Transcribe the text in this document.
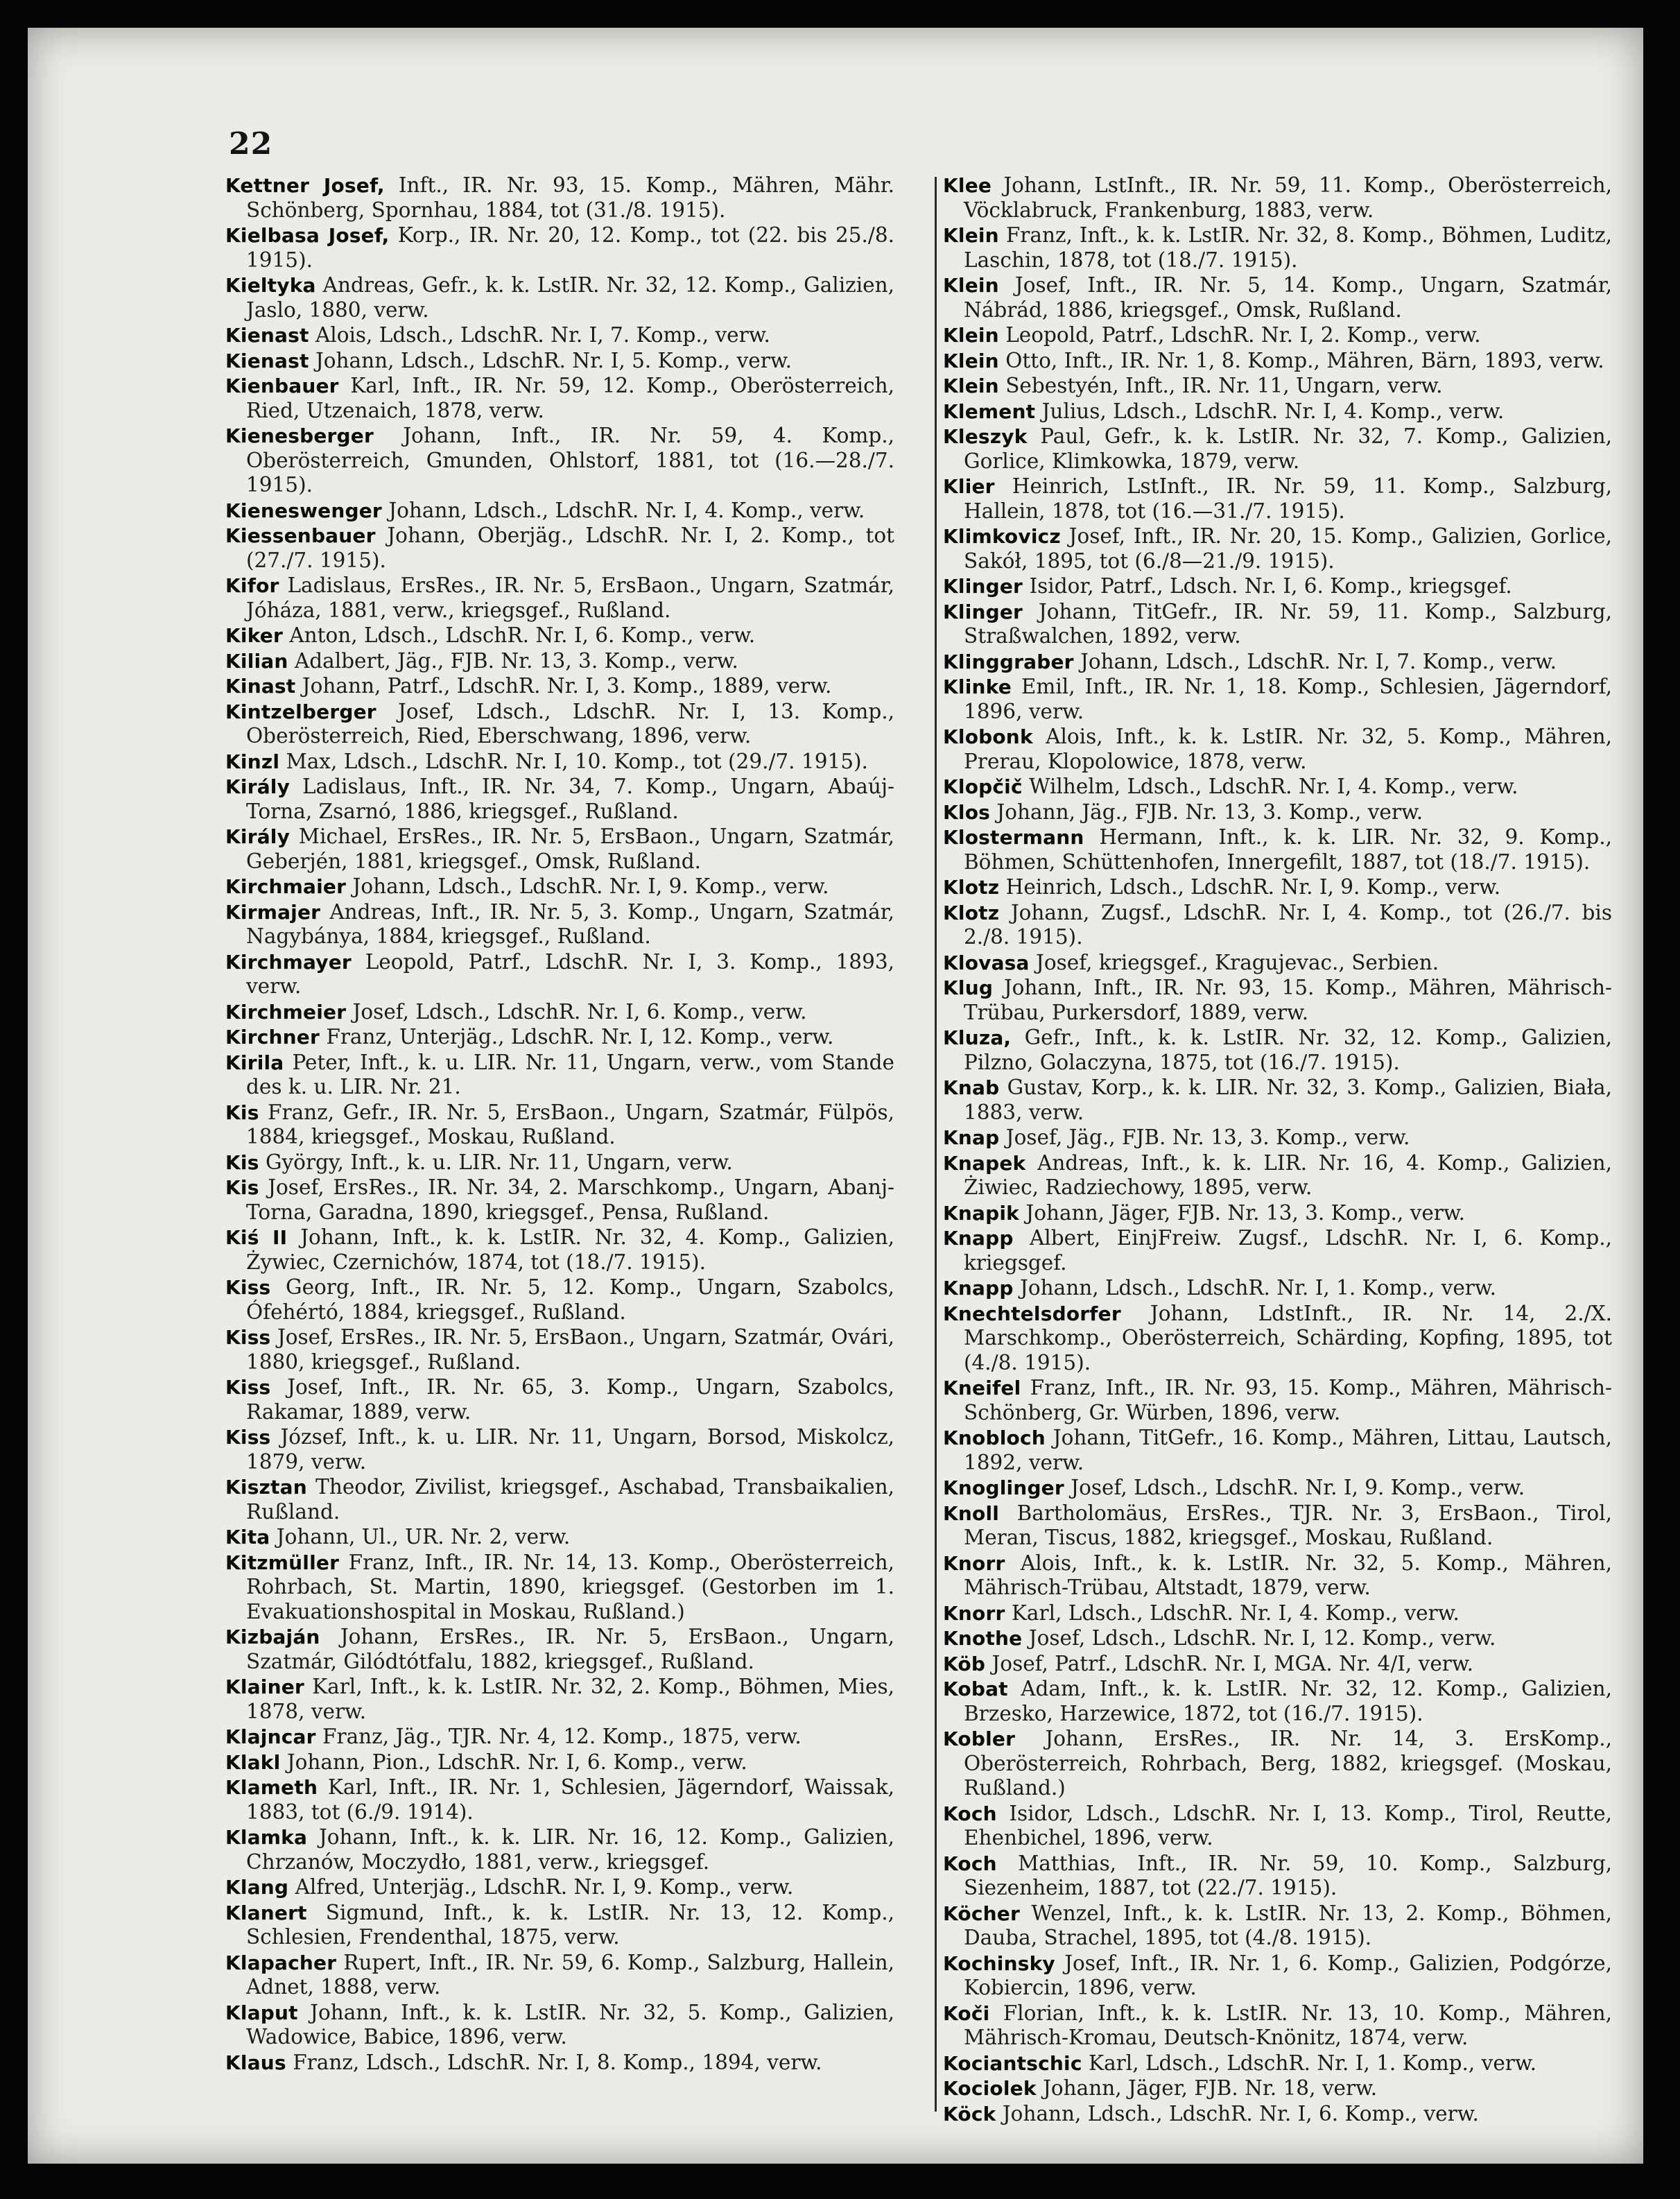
22
Kettner Josef, Inft., IR. Nr. 93, 15. Komp., Mähren, Mähr. Schönberg, Spornhau, 1884, tot (31./8. 1915).
Kielbasa Josef, Korp., IR. Nr. 20, 12. Komp., tot (22. bis 25./8. 1915).
Kieltyka Andreas, Gefr., k. k. LstIR. Nr. 32, 12. Komp., Galizien, Jaslo, 1880, verw.
Kienast Alois, Ldsch., LdschR. Nr. I, 7. Komp., verw.
Kienast Johann, Ldsch., LdschR. Nr. I, 5. Komp., verw.
Kienbauer Karl, Inft., IR. Nr. 59, 12. Komp., Oberösterreich, Ried, Utzenaich, 1878, verw.
Kienesberger Johann, Inft., IR. Nr. 59, 4. Komp., Oberösterreich, Gmunden, Ohlstorf, 1881, tot (16.—28./7. 1915).
Kieneswenger Johann, Ldsch., LdschR. Nr. I, 4. Komp., verw.
Kiessenbauer Johann, Oberjäg., LdschR. Nr. I, 2. Komp., tot (27./7. 1915).
Kifor Ladislaus, ErsRes., IR. Nr. 5, ErsBaon., Ungarn, Szatmár, Jóháza, 1881, verw., kriegsgef., Rußland.
Kiker Anton, Ldsch., LdschR. Nr. I, 6. Komp., verw.
Kilian Adalbert, Jäg., FJB. Nr. 13, 3. Komp., verw.
Kinast Johann, Patrf., LdschR. Nr. I, 3. Komp., 1889, verw.
Kintzelberger Josef, Ldsch., LdschR. Nr. I, 13. Komp., Oberösterreich, Ried, Eberschwang, 1896, verw.
Kinzl Max, Ldsch., LdschR. Nr. I, 10. Komp., tot (29./7. 1915).
Király Ladislaus, Inft., IR. Nr. 34, 7. Komp., Ungarn, Abaúj-Torna, Zsarnó, 1886, kriegsgef., Rußland.
Király Michael, ErsRes., IR. Nr. 5, ErsBaon., Ungarn, Szatmár, Geberjén, 1881, kriegsgef., Omsk, Rußland.
Kirchmaier Johann, Ldsch., LdschR. Nr. I, 9. Komp., verw.
Kirmajer Andreas, Inft., IR. Nr. 5, 3. Komp., Ungarn, Szatmár, Nagybánya, 1884, kriegsgef., Rußland.
Kirchmayer Leopold, Patrf., LdschR. Nr. I, 3. Komp., 1893, verw.
Kirchmeier Josef, Ldsch., LdschR. Nr. I, 6. Komp., verw.
Kirchner Franz, Unterjäg., LdschR. Nr. I, 12. Komp., verw.
Kirila Peter, Inft., k. u. LIR. Nr. 11, Ungarn, verw., vom Stande des k. u. LIR. Nr. 21.
Kis Franz, Gefr., IR. Nr. 5, ErsBaon., Ungarn, Szatmár, Fülpös, 1884, kriegsgef., Moskau, Rußland.
Kis György, Inft., k. u. LIR. Nr. 11, Ungarn, verw.
Kis Josef, ErsRes., IR. Nr. 34, 2. Marschkomp., Ungarn, Abanj-Torna, Garadna, 1890, kriegsgef., Pensa, Rußland.
Kiś II Johann, Inft., k. k. LstIR. Nr. 32, 4. Komp., Galizien, Żywiec, Czernichów, 1874, tot (18./7. 1915).
Kiss Georg, Inft., IR. Nr. 5, 12. Komp., Ungarn, Szabolcs, Ófehértó, 1884, kriegsgef., Rußland.
Kiss Josef, ErsRes., IR. Nr. 5, ErsBaon., Ungarn, Szatmár, Ovári, 1880, kriegsgef., Rußland.
Kiss Josef, Inft., IR. Nr. 65, 3. Komp., Ungarn, Szabolcs, Rakamar, 1889, verw.
Kiss József, Inft., k. u. LIR. Nr. 11, Ungarn, Borsod, Miskolcz, 1879, verw.
Kisztan Theodor, Zivilist, kriegsgef., Aschabad, Transbaikalien, Rußland.
Kita Johann, Ul., UR. Nr. 2, verw.
Kitzmüller Franz, Inft., IR. Nr. 14, 13. Komp., Oberösterreich, Rohrbach, St. Martin, 1890, kriegsgef. (Gestorben im 1. Evakuationshospital in Moskau, Rußland.)
Kizbaján Johann, ErsRes., IR. Nr. 5, ErsBaon., Ungarn, Szatmár, Gilódtótfalu, 1882, kriegsgef., Rußland.
Klainer Karl, Inft., k. k. LstIR. Nr. 32, 2. Komp., Böhmen, Mies, 1878, verw.
Klajncar Franz, Jäg., TJR. Nr. 4, 12. Komp., 1875, verw.
Klakl Johann, Pion., LdschR. Nr. I, 6. Komp., verw.
Klameth Karl, Inft., IR. Nr. 1, Schlesien, Jägerndorf, Waissak, 1883, tot (6./9. 1914).
Klamka Johann, Inft., k. k. LIR. Nr. 16, 12. Komp., Galizien, Chrzanów, Moczydło, 1881, verw., kriegsgef.
Klang Alfred, Unterjäg., LdschR. Nr. I, 9. Komp., verw.
Klanert Sigmund, Inft., k. k. LstIR. Nr. 13, 12. Komp., Schlesien, Frendenthal, 1875, verw.
Klapacher Rupert, Inft., IR. Nr. 59, 6. Komp., Salzburg, Hallein, Adnet, 1888, verw.
Klaput Johann, Inft., k. k. LstIR. Nr. 32, 5. Komp., Galizien, Wadowice, Babice, 1896, verw.
Klaus Franz, Ldsch., LdschR. Nr. I, 8. Komp., 1894, verw.
Klee Johann, LstInft., IR. Nr. 59, 11. Komp., Oberösterreich, Vöcklabruck, Frankenburg, 1883, verw.
Klein Franz, Inft., k. k. LstIR. Nr. 32, 8. Komp., Böhmen, Luditz, Laschin, 1878, tot (18./7. 1915).
Klein Josef, Inft., IR. Nr. 5, 14. Komp., Ungarn, Szatmár, Nábrád, 1886, kriegsgef., Omsk, Rußland.
Klein Leopold, Patrf., LdschR. Nr. I, 2. Komp., verw.
Klein Otto, Inft., IR. Nr. 1, 8. Komp., Mähren, Bärn, 1893, verw.
Klein Sebestyén, Inft., IR. Nr. 11, Ungarn, verw.
Klement Julius, Ldsch., LdschR. Nr. I, 4. Komp., verw.
Kleszyk Paul, Gefr., k. k. LstIR. Nr. 32, 7. Komp., Galizien, Gorlice, Klimkowka, 1879, verw.
Klier Heinrich, LstInft., IR. Nr. 59, 11. Komp., Salzburg, Hallein, 1878, tot (16.—31./7. 1915).
Klimkovicz Josef, Inft., IR. Nr. 20, 15. Komp., Galizien, Gorlice, Sakół, 1895, tot (6./8—21./9. 1915).
Klinger Isidor, Patrf., Ldsch. Nr. I, 6. Komp., kriegsgef.
Klinger Johann, TitGefr., IR. Nr. 59, 11. Komp., Salzburg, Straßwalchen, 1892, verw.
Klinggraber Johann, Ldsch., LdschR. Nr. I, 7. Komp., verw.
Klinke Emil, Inft., IR. Nr. 1, 18. Komp., Schlesien, Jägerndorf, 1896, verw.
Klobonk Alois, Inft., k. k. LstIR. Nr. 32, 5. Komp., Mähren, Prerau, Klopolowice, 1878, verw.
Klopčič Wilhelm, Ldsch., LdschR. Nr. I, 4. Komp., verw.
Klos Johann, Jäg., FJB. Nr. 13, 3. Komp., verw.
Klostermann Hermann, Inft., k. k. LIR. Nr. 32, 9. Komp., Böhmen, Schüttenhofen, Innergefilt, 1887, tot (18./7. 1915).
Klotz Heinrich, Ldsch., LdschR. Nr. I, 9. Komp., verw.
Klotz Johann, Zugsf., LdschR. Nr. I, 4. Komp., tot (26./7. bis 2./8. 1915).
Klovasa Josef, kriegsgef., Kragujevac., Serbien.
Klug Johann, Inft., IR. Nr. 93, 15. Komp., Mähren, Mährisch-Trübau, Purkersdorf, 1889, verw.
Kluza, Gefr., Inft., k. k. LstIR. Nr. 32, 12. Komp., Galizien, Pilzno, Golaczyna, 1875, tot (16./7. 1915).
Knab Gustav, Korp., k. k. LIR. Nr. 32, 3. Komp., Galizien, Biała, 1883, verw.
Knap Josef, Jäg., FJB. Nr. 13, 3. Komp., verw.
Knapek Andreas, Inft., k. k. LIR. Nr. 16, 4. Komp., Galizien, Żiwiec, Radziechowy, 1895, verw.
Knapik Johann, Jäger, FJB. Nr. 13, 3. Komp., verw.
Knapp Albert, EinjFreiw. Zugsf., LdschR. Nr. I, 6. Komp., kriegsgef.
Knapp Johann, Ldsch., LdschR. Nr. I, 1. Komp., verw.
Knechtelsdorfer Johann, LdstInft., IR. Nr. 14, 2./X. Marschkomp., Oberösterreich, Schärding, Kopfing, 1895, tot (4./8. 1915).
Kneifel Franz, Inft., IR. Nr. 93, 15. Komp., Mähren, Mährisch-Schönberg, Gr. Würben, 1896, verw.
Knobloch Johann, TitGefr., 16. Komp., Mähren, Littau, Lautsch, 1892, verw.
Knoglinger Josef, Ldsch., LdschR. Nr. I, 9. Komp., verw.
Knoll Bartholomäus, ErsRes., TJR. Nr. 3, ErsBaon., Tirol, Meran, Tiscus, 1882, kriegsgef., Moskau, Rußland.
Knorr Alois, Inft., k. k. LstIR. Nr. 32, 5. Komp., Mähren, Mährisch-Trübau, Altstadt, 1879, verw.
Knorr Karl, Ldsch., LdschR. Nr. I, 4. Komp., verw.
Knothe Josef, Ldsch., LdschR. Nr. I, 12. Komp., verw.
Köb Josef, Patrf., LdschR. Nr. I, MGA. Nr. 4/I, verw.
Kobat Adam, Inft., k. k. LstIR. Nr. 32, 12. Komp., Galizien, Brzesko, Harzewice, 1872, tot (16./7. 1915).
Kobler Johann, ErsRes., IR. Nr. 14, 3. ErsKomp., Oberösterreich, Rohrbach, Berg, 1882, kriegsgef. (Moskau, Rußland.)
Koch Isidor, Ldsch., LdschR. Nr. I, 13. Komp., Tirol, Reutte, Ehenbichel, 1896, verw.
Koch Matthias, Inft., IR. Nr. 59, 10. Komp., Salzburg, Siezenheim, 1887, tot (22./7. 1915).
Köcher Wenzel, Inft., k. k. LstIR. Nr. 13, 2. Komp., Böhmen, Dauba, Strachel, 1895, tot (4./8. 1915).
Kochinsky Josef, Inft., IR. Nr. 1, 6. Komp., Galizien, Podgórze, Kobiercin, 1896, verw.
Koči Florian, Inft., k. k. LstIR. Nr. 13, 10. Komp., Mähren, Mährisch-Kromau, Deutsch-Knönitz, 1874, verw.
Kociantschic Karl, Ldsch., LdschR. Nr. I, 1. Komp., verw.
Kociolek Johann, Jäger, FJB. Nr. 18, verw.
Köck Johann, Ldsch., LdschR. Nr. I, 6. Komp., verw.
